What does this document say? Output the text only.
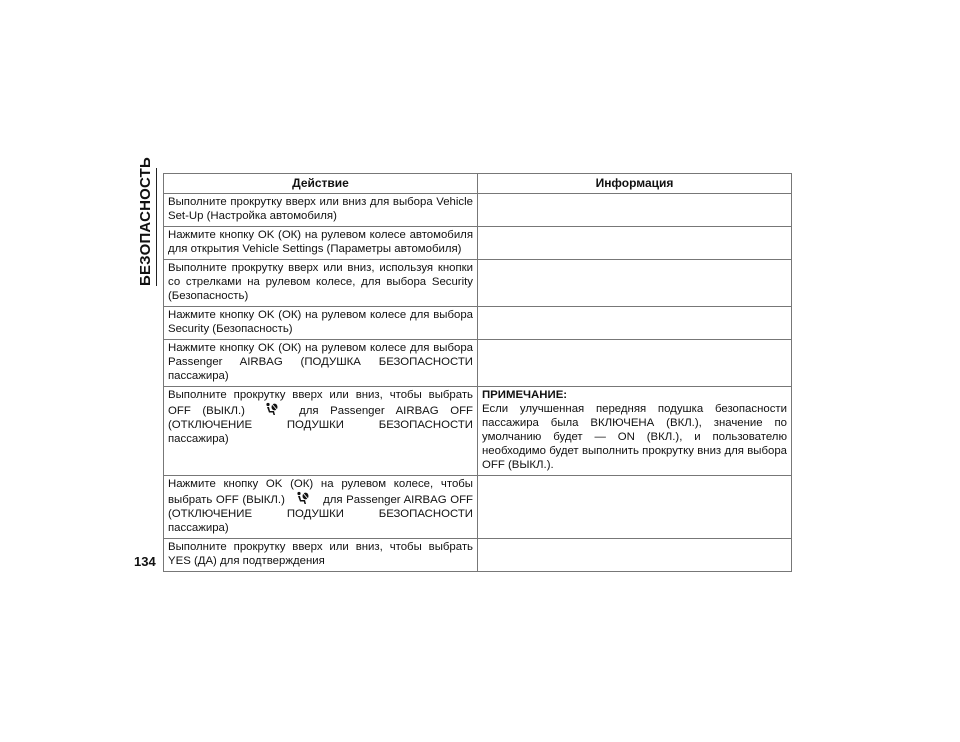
БЕЗОПАСНОСТЬ	Действие	Информация
Выполните прокрутку вверх или вниз для выбора Vehicle Set-Up (Настройка автомобиля)	
Нажмите кнопку OK (ОК) на рулевом колесе автомобиля для открытия Vehicle Settings (Параметры автомобиля)	
Выполните прокрутку вверх или вниз, используя кнопки со стрелками на рулевом колесе, для выбора Security (Безопасность)	
Нажмите кнопку OK (ОК) на рулевом колесе для выбора Security (Безопасность)	
Нажмите кнопку OK (ОК) на рулевом колесе для выбора Passenger AIRBAG (ПОДУШКА БЕЗОПАСНОСТИ пассажира)	
Выполните прокрутку вверх или вниз, чтобы выбрать OFF (ВЫКЛ.) для Passenger AIRBAG OFF (ОТКЛЮЧЕНИЕ ПОДУШКИ БЕЗОПАСНОСТИ пассажира)	ПРИМЕЧАНИЕ:
Если улучшенная передняя подушка безопасности пассажира была ВКЛЮЧЕНА (ВКЛ.), значение по умолчанию будет — ON (ВКЛ.), и пользователю необходимо будет выполнить прокрутку вниз для выбора OFF (ВЫКЛ.).
Нажмите кнопку OK (ОК) на рулевом колесе, чтобы выбрать OFF (ВЫКЛ.) для Passenger AIRBAG OFF (ОТКЛЮЧЕНИЕ ПОДУШКИ БЕЗОПАСНОСТИ пассажира)	
Выполните прокрутку вверх или вниз, чтобы выбрать YES (ДА) для подтверждения	
134
